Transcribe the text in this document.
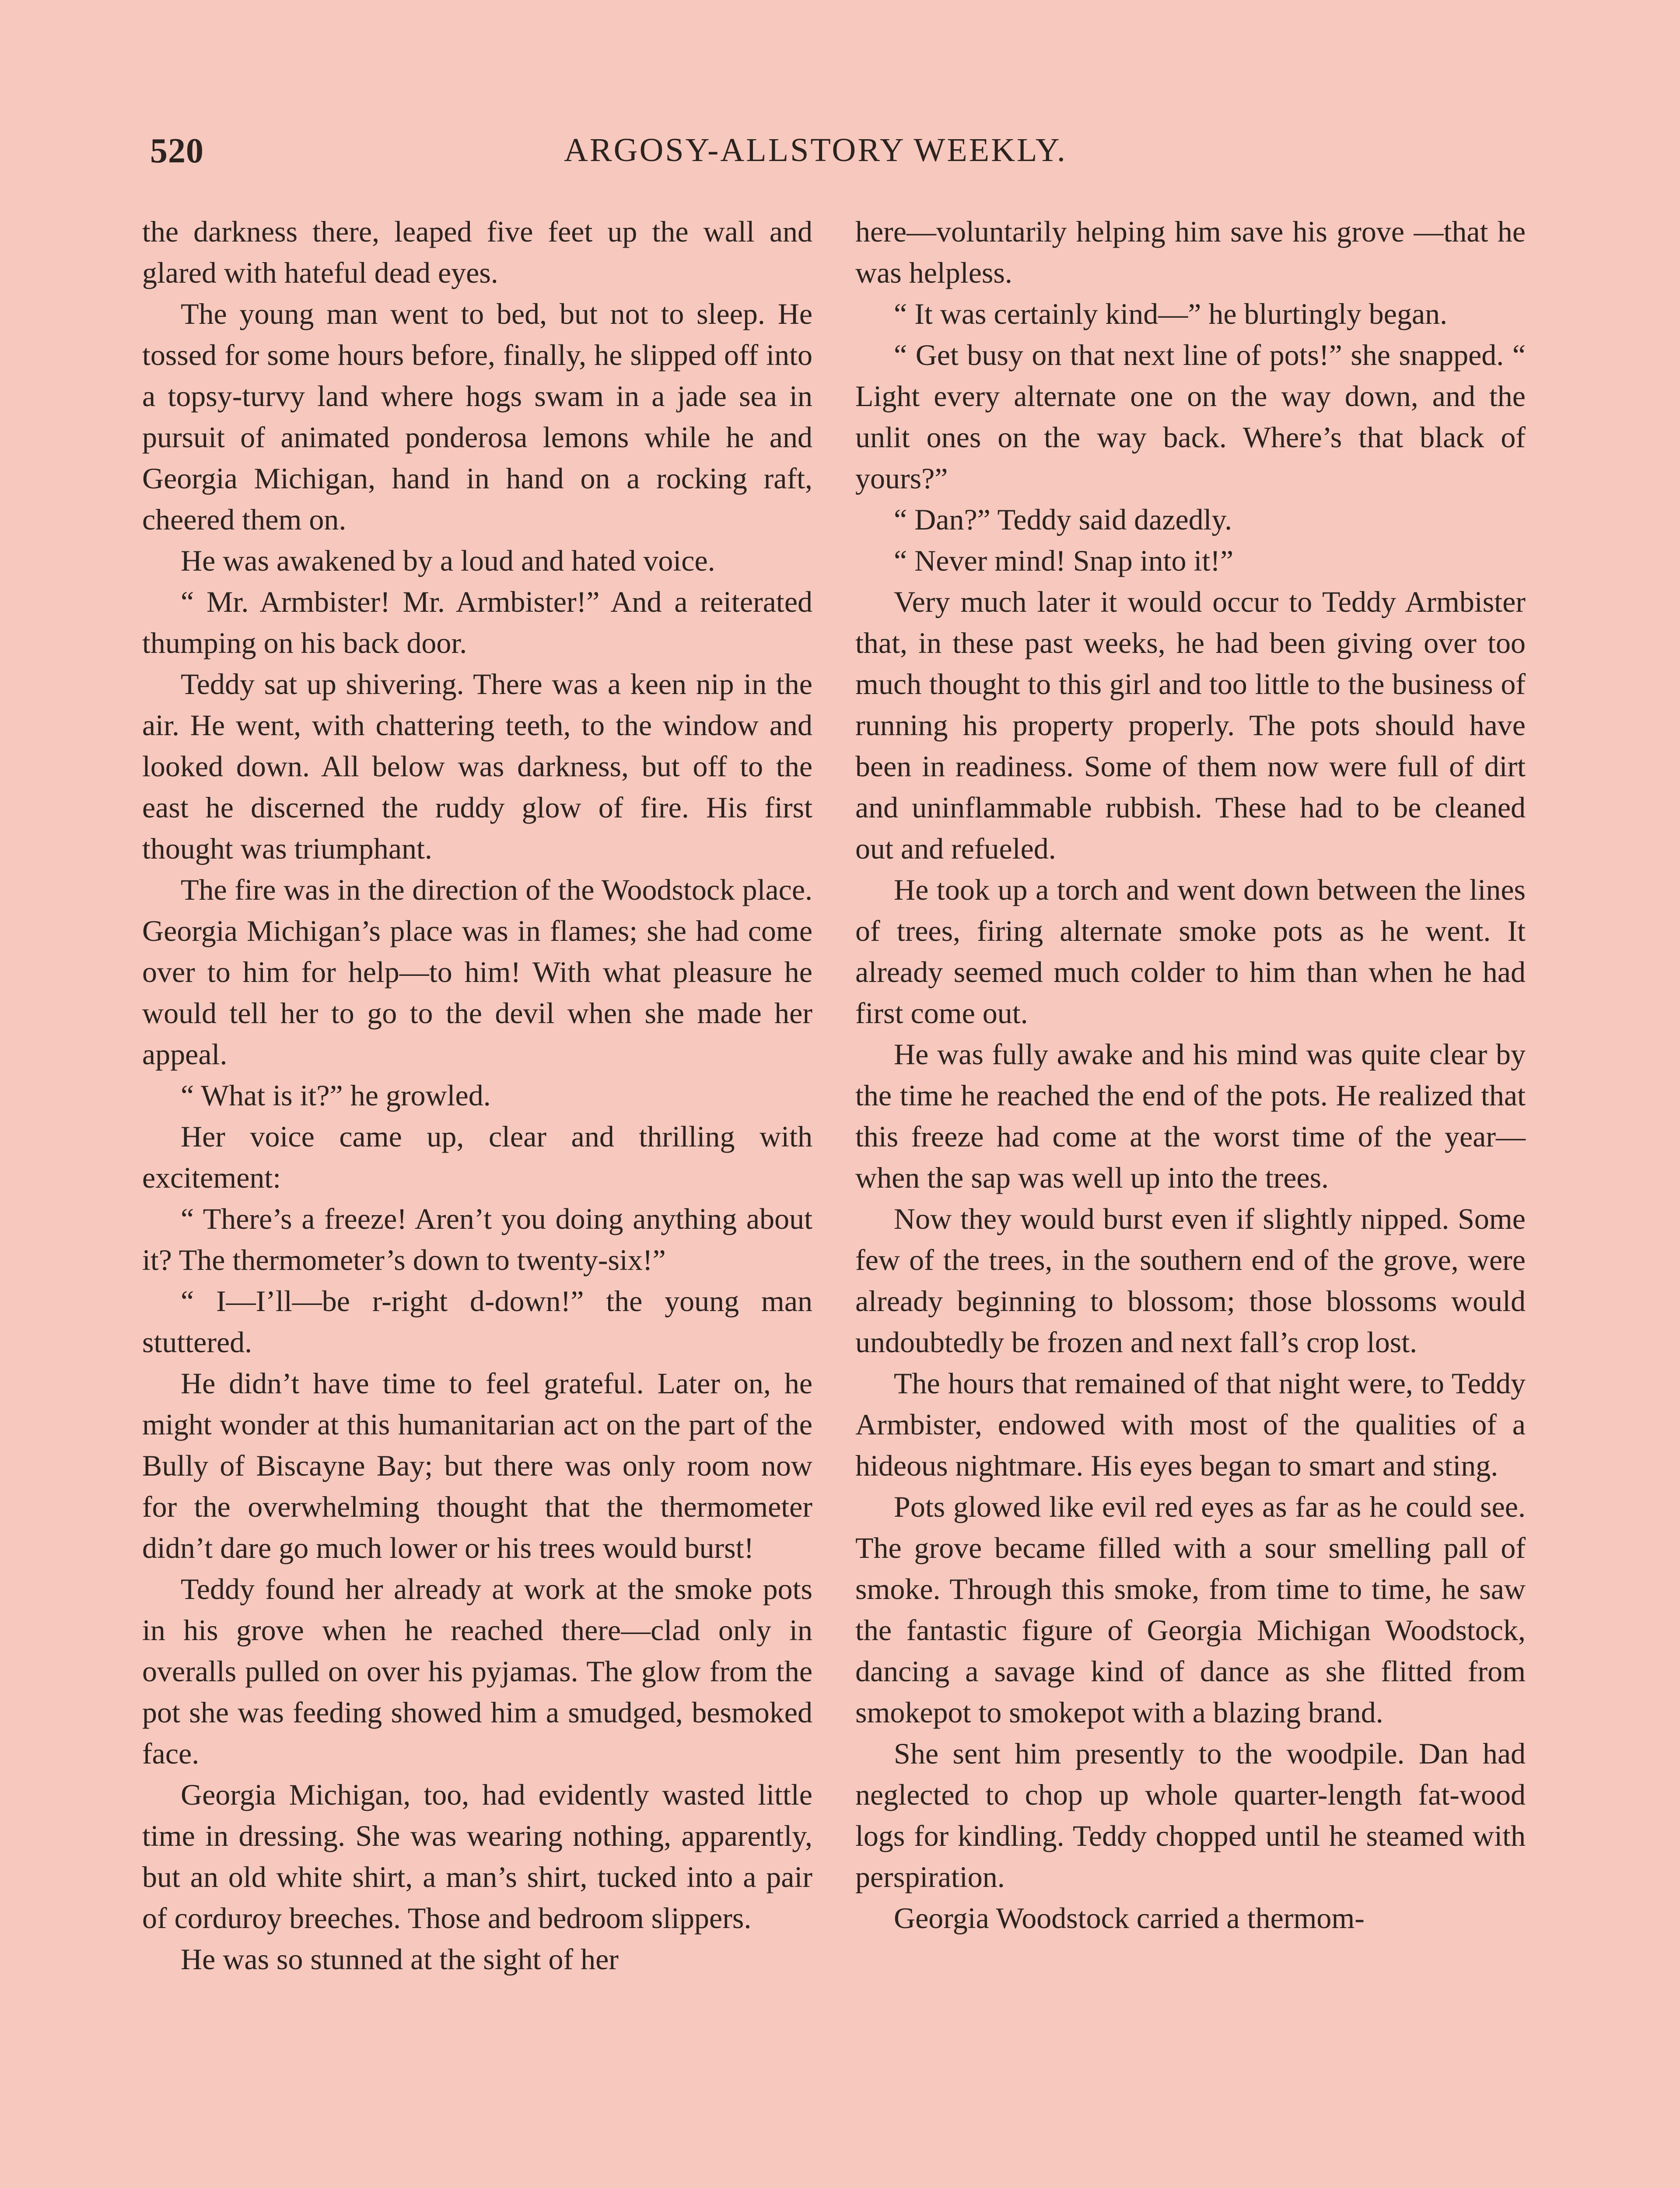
520	ARGOSY-ALLSTORY WEEKLY.

the darkness there, leaped five feet up the wall and glared with hateful dead eyes.

The young man went to bed, but not to sleep. He tossed for some hours before, finally, he slipped off into a topsy-turvy land where hogs swam in a jade sea in pursuit of animated ponderosa lemons while he and Georgia Michigan, hand in hand on a rocking raft, cheered them on.

He was awakened by a loud and hated voice.

“ Mr. Armbister! Mr. Armbister!” And a reiterated thumping on his back door.

Teddy sat up shivering. There was a keen nip in the air. He went, with chattering teeth, to the window and looked down. All below was darkness, but off to the east he discerned the ruddy glow of fire. His first thought was triumphant.

The fire was in the direction of the Woodstock place. Georgia Michigan’s place was in flames; she had come over to him for help—to him! With what pleasure he would tell her to go to the devil when she made her appeal.

“ What is it?” he growled.

Her voice came up, clear and thrilling with excitement:

“ There’s a freeze! Aren’t you doing anything about it? The thermometer’s down to twenty-six!”

“ I—I’ll—be r-right d-down!” the young man stuttered.

He didn’t have time to feel grateful. Later on, he might wonder at this humanitarian act on the part of the Bully of Biscayne Bay; but there was only room now for the overwhelming thought that the thermometer didn’t dare go much lower or his trees would burst!

Teddy found her already at work at the smoke pots in his grove when he reached there—clad only in overalls pulled on over his pyjamas. The glow from the pot she was feeding showed him a smudged, besmoked face.

Georgia Michigan, too, had evidently wasted little time in dressing. She was wearing nothing, apparently, but an old white shirt, a man’s shirt, tucked into a pair of corduroy breeches. Those and bedroom slippers.

He was so stunned at the sight of her

here—voluntarily helping him save his grove —that he was helpless.

“ It was certainly kind—” he blurtingly began.

“ Get busy on that next line of pots!” she snapped. “ Light every alternate one on the way down, and the unlit ones on the way back. Where’s that black of yours?”

“ Dan?” Teddy said dazedly.

“ Never mind! Snap into it!”

Very much later it would occur to Teddy Armbister that, in these past weeks, he had been giving over too much thought to this girl and too little to the business of running his property properly. The pots should have been in readiness. Some of them now were full of dirt and uninflammable rubbish. These had to be cleaned out and refueled.

He took up a torch and went down between the lines of trees, firing alternate smoke pots as he went. It already seemed much colder to him than when he had first come out.

He was fully awake and his mind was quite clear by the time he reached the end of the pots. He realized that this freeze had come at the worst time of the year—when the sap was well up into the trees.

Now they would burst even if slightly nipped. Some few of the trees, in the southern end of the grove, were already beginning to blossom; those blossoms would undoubtedly be frozen and next fall’s crop lost.

The hours that remained of that night were, to Teddy Armbister, endowed with most of the qualities of a hideous nightmare. His eyes began to smart and sting.

Pots glowed like evil red eyes as far as he could see. The grove became filled with a sour smelling pall of smoke. Through this smoke, from time to time, he saw the fantastic figure of Georgia Michigan Woodstock, dancing a savage kind of dance as she flitted from smokepot to smokepot with a blazing brand.

She sent him presently to the woodpile. Dan had neglected to chop up whole quarter-length fat-wood logs for kindling. Teddy chopped until he steamed with perspiration.

Georgia Woodstock carried a thermom-
